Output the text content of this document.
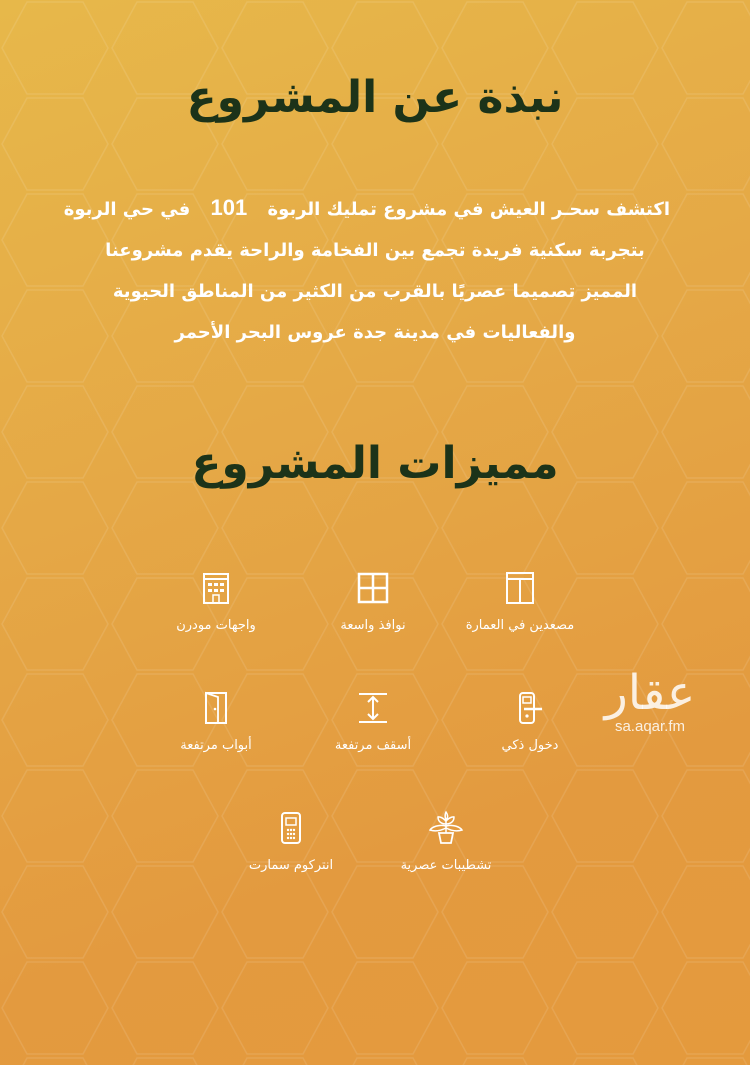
نبذة عن المشروع
اكتشف سحـر العيش في مشروع تمليك الربوة 101 في حي الربوة
بتجربة سكنية فريدة تجمع بين الفخامة والراحة يقدم مشروعنا
المميز تصميما عصريًا بالقرب من الكثير من المناطق الحيوية
والفعاليات في مدينة جدة عروس البحر الأحمر
مميزات المشروع
مصعدين في العمارة
نوافذ واسعة
واجهات مودرن
دخول ذكي
أسقف مرتفعة
أبواب مرتفعة
تشطيبات عصرية
انتركوم سمارت
عقار
sa.aqar.fm
